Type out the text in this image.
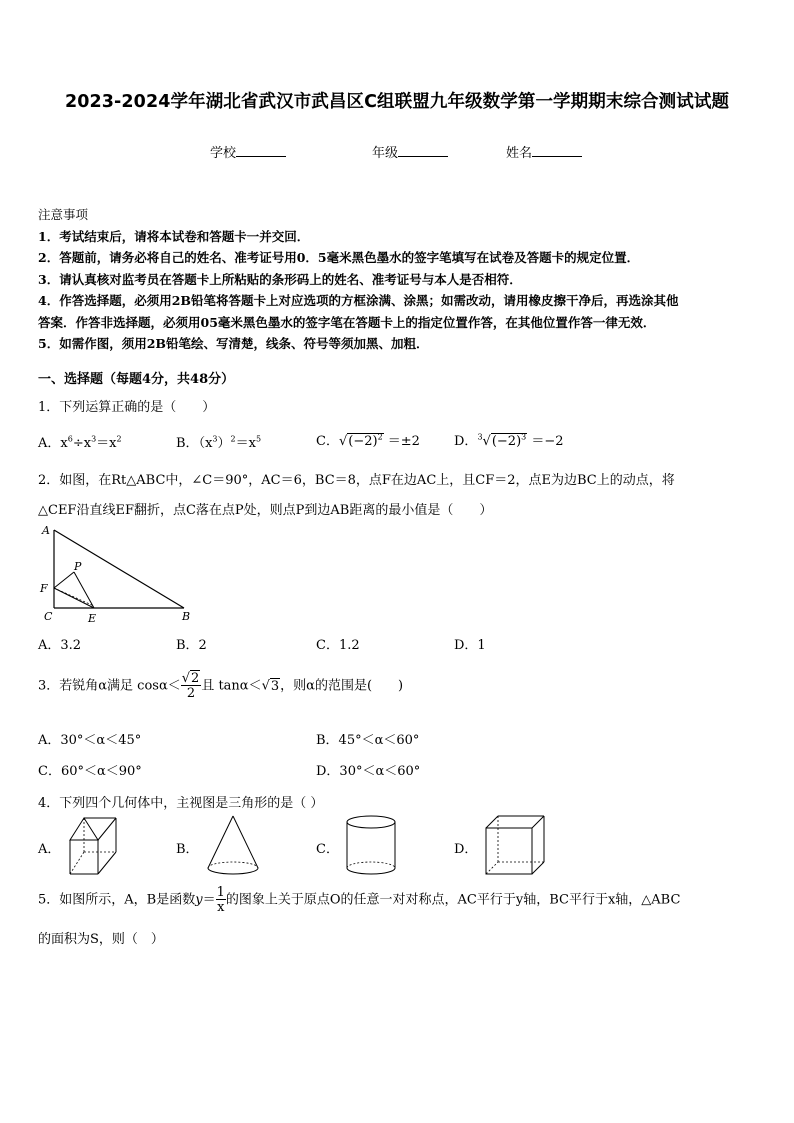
2023-2024学年湖北省武汉市武昌区C组联盟九年级数学第一学期期末综合测试试题
学校	年级	姓名
注意事项
1．考试结束后，请将本试卷和答题卡一并交回．
2．答题前，请务必将自己的姓名、准考证号用0．5毫米黑色墨水的签字笔填写在试卷及答题卡的规定位置．
3．请认真核对监考员在答题卡上所粘贴的条形码上的姓名、准考证号与本人是否相符．
4．作答选择题，必须用2B铅笔将答题卡上对应选项的方框涂满、涂黑；如需改动，请用橡皮擦干净后，再选涂其他
答案．作答非选择题，必须用05毫米黑色墨水的签字笔在答题卡上的指定位置作答，在其他位置作答一律无效．
5．如需作图，须用2B铅笔绘、写清楚，线条、符号等须加黑、加粗．
一、选择题（每题4分，共48分）
1．下列运算正确的是（　　）
A．$x^6\div x^3=x^2$	B．$(x^3)^2=x^5$	C．$√(-2)^2 =\pm 2$	D．$^3√(-2)^3 =-2$
2．如图，在Rt△ABC中，∠C＝90°，AC＝6，BC＝8，点F在边AC上，且CF＝2，点E为边BC上的动点，将
△CEF沿直线EF翻折，点C落在点P处，则点P到边AB距离的最小值是（　　）
A
B
C	E
F
P
A．3.2	B．2	C．1.2	D．1
3．若锐角α满足 $\cos\alpha< \frac{√2}{2}$ 且 tanα＜√3，则α的范围是(　　)
A．30°＜α＜45°	B．45°＜α＜60°
C．60°＜α＜90°	D．30°＜α＜60°
4．下列四个几何体中，主视图是三角形的是（ ）
A．	B．	C．	D．
5．如图所示，A，B是函数$y= \frac{1}{x}$ 的图象上关于原点O的任意一对对称点，AC平行于y轴，BC平行于x轴，△ABC
的面积为S，则（　）
